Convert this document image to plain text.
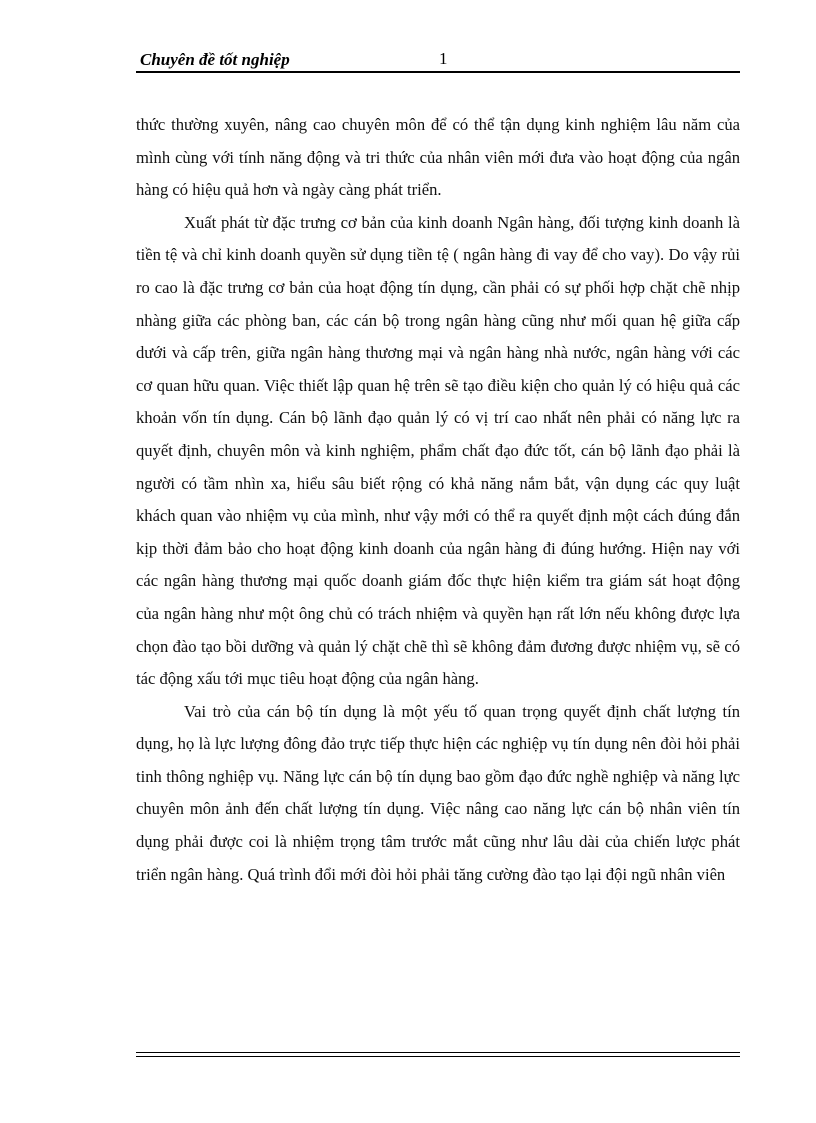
Chuyên đề tốt nghiệp	1

thức thường xuyên, nâng cao chuyên môn để có thể tận dụng kinh nghiệm lâu năm của mình cùng với tính năng động và tri thức của nhân viên mới đưa vào hoạt động của ngân hàng có hiệu quả hơn và ngày càng phát triển.

Xuất phát từ đặc trưng cơ bản của kinh doanh Ngân hàng, đối tượng kinh doanh là tiền tệ và chỉ kinh doanh quyền sử dụng tiền tệ ( ngân hàng đi vay để cho vay). Do vậy rủi ro cao là đặc trưng cơ bản của hoạt động tín dụng, cần phải có sự phối hợp chặt chẽ nhịp nhàng giữa các phòng ban, các cán bộ trong ngân hàng cũng như mối quan hệ giữa cấp dưới và cấp trên, giữa ngân hàng thương mại và ngân hàng nhà nước, ngân hàng với các cơ quan hữu quan. Việc thiết lập quan hệ trên sẽ tạo điều kiện cho quản lý có hiệu quả các khoản vốn tín dụng. Cán bộ lãnh đạo quản lý có vị trí cao nhất nên phải có năng lực ra quyết định, chuyên môn và kinh nghiệm, phẩm chất đạo đức tốt, cán bộ lãnh đạo phải là người có tầm nhìn xa, hiểu sâu biết rộng có khả năng nắm bắt, vận dụng các quy luật khách quan vào nhiệm vụ của mình, như vậy mới có thể ra quyết định một cách đúng đắn kịp thời đảm bảo cho hoạt động kinh doanh của ngân hàng đi đúng hướng. Hiện nay với các ngân hàng thương mại quốc doanh giám đốc thực hiện kiểm tra giám sát hoạt động của ngân hàng như một ông chủ có trách nhiệm và quyền hạn rất lớn nếu không được lựa chọn đào tạo bồi dưỡng và quản lý chặt chẽ thì sẽ không đảm đương được nhiệm vụ, sẽ có tác động xấu tới mục tiêu hoạt động của ngân hàng.

Vai trò của cán bộ tín dụng là một yếu tố quan trọng quyết định chất lượng tín dụng, họ là lực lượng đông đảo trực tiếp thực hiện các nghiệp vụ tín dụng nên đòi hỏi phải tinh thông nghiệp vụ. Năng lực cán bộ tín dụng bao gồm đạo đức nghề nghiệp và năng lực chuyên môn ảnh đến chất lượng tín dụng. Việc nâng cao năng lực cán bộ nhân viên tín dụng phải được coi là nhiệm trọng tâm trước mắt cũng như lâu dài của chiến lược phát triển ngân hàng. Quá trình đổi mới đòi hỏi phải tăng cường đào tạo lại đội ngũ nhân viên
